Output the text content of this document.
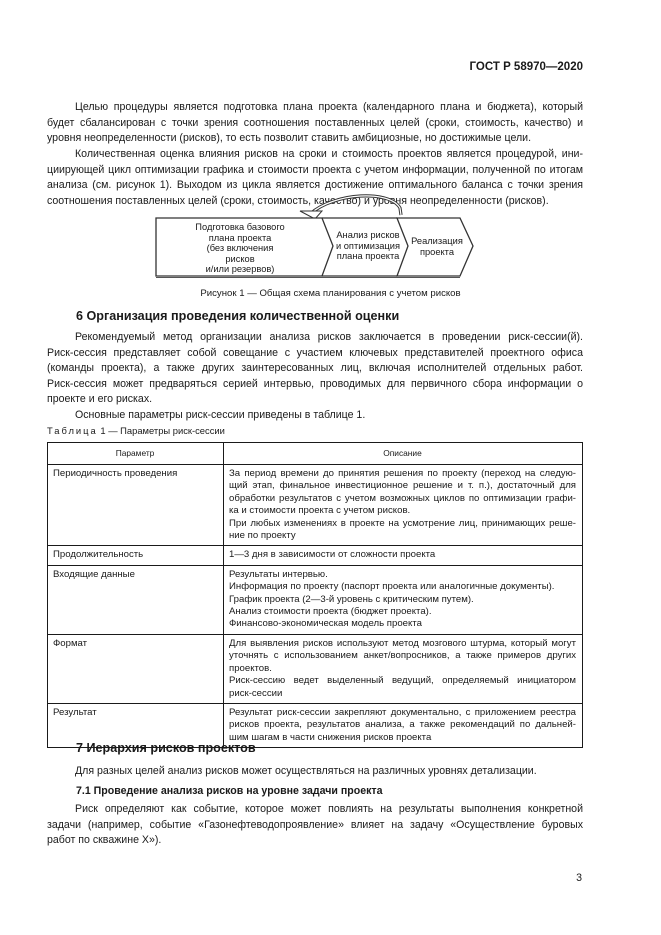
ГОСТ Р 58970—2020
Целью процедуры является подготовка плана проекта (календарного плана и бюджета), который
будет сбалансирован с точки зрения соотношения поставленных целей (сроки, стоимость, качество) и
уровня неопределенности (рисков), то есть позволит ставить амбициозные, но достижимые цели.
Количественная оценка влияния рисков на сроки и стоимость проектов является процедурой, ини-
циирующей цикл оптимизации графика и стоимости проекта с учетом информации, полученной по итогам
анализа (см. рисунок 1). Выходом из цикла является достижение оптимального баланса с точки зрения
соотношения поставленных целей (сроки, стоимость, качество) и уровня неопределенности (рисков).
Подготовка базового
плана проекта
(без включения
рисков
и/или резервов)
Анализ рисков
и оптимизация
плана проекта
Реализация
проекта
Рисунок 1 — Общая схема планирования с учетом рисков
6 Организация проведения количественной оценки
Рекомендуемый метод организации анализа рисков заключается в проведении риск-сессии(й).
Риск-сессия представляет собой совещание с участием ключевых представителей проектного офиса
(команды проекта), а также других заинтересованных лиц, включая исполнителей отдельных работ.
Риск-сессия может предваряться серией интервью, проводимых для первичного сбора информации о
проекте и его рисках.
Основные параметры риск-сессии приведены в таблице 1.
Таблица 1 — Параметры риск-сессии
Параметр	Описание
Периодичность проведения	За период времени до принятия решения по проекту (переход на следую-
щий этап, финальное инвестиционное решение и т. п.), достаточный для
обработки результатов с учетом возможных циклов по оптимизации графи-
ка и стоимости проекта с учетом рисков.
При любых изменениях в проекте на усмотрение лиц, принимающих реше-
ние по проекту

Продолжительность	1—3 дня в зависимости от сложности проекта

Входящие данные	Результаты интервью.
Информация по проекту (паспорт проекта или аналогичные документы).
График проекта (2—3-й уровень с критическим путем).
Анализ стоимости проекта (бюджет проекта).
Финансово-экономическая модель проекта

Формат	Для выявления рисков используют метод мозгового штурма, который могут
уточнять с использованием анкет/вопросников, а также примеров других
проектов.
Риск-сессию ведет выделенный ведущий, определяемый инициатором
риск-сессии

Результат	Результат риск-сессии закрепляют документально, с приложением реестра
рисков проекта, результатов анализа, а также рекомендаций по дальней-
шим шагам в части снижения рисков проекта
7 Иерархия рисков проектов
Для разных целей анализ рисков может осуществляться на различных уровнях детализации.
7.1 Проведение анализа рисков на уровне задачи проекта
Риск определяют как событие, которое может повлиять на результаты выполнения конкретной
задачи (например, событие «Газонефтеводопроявление» влияет на задачу «Осуществление буровых
работ по скважине Х»).
3
